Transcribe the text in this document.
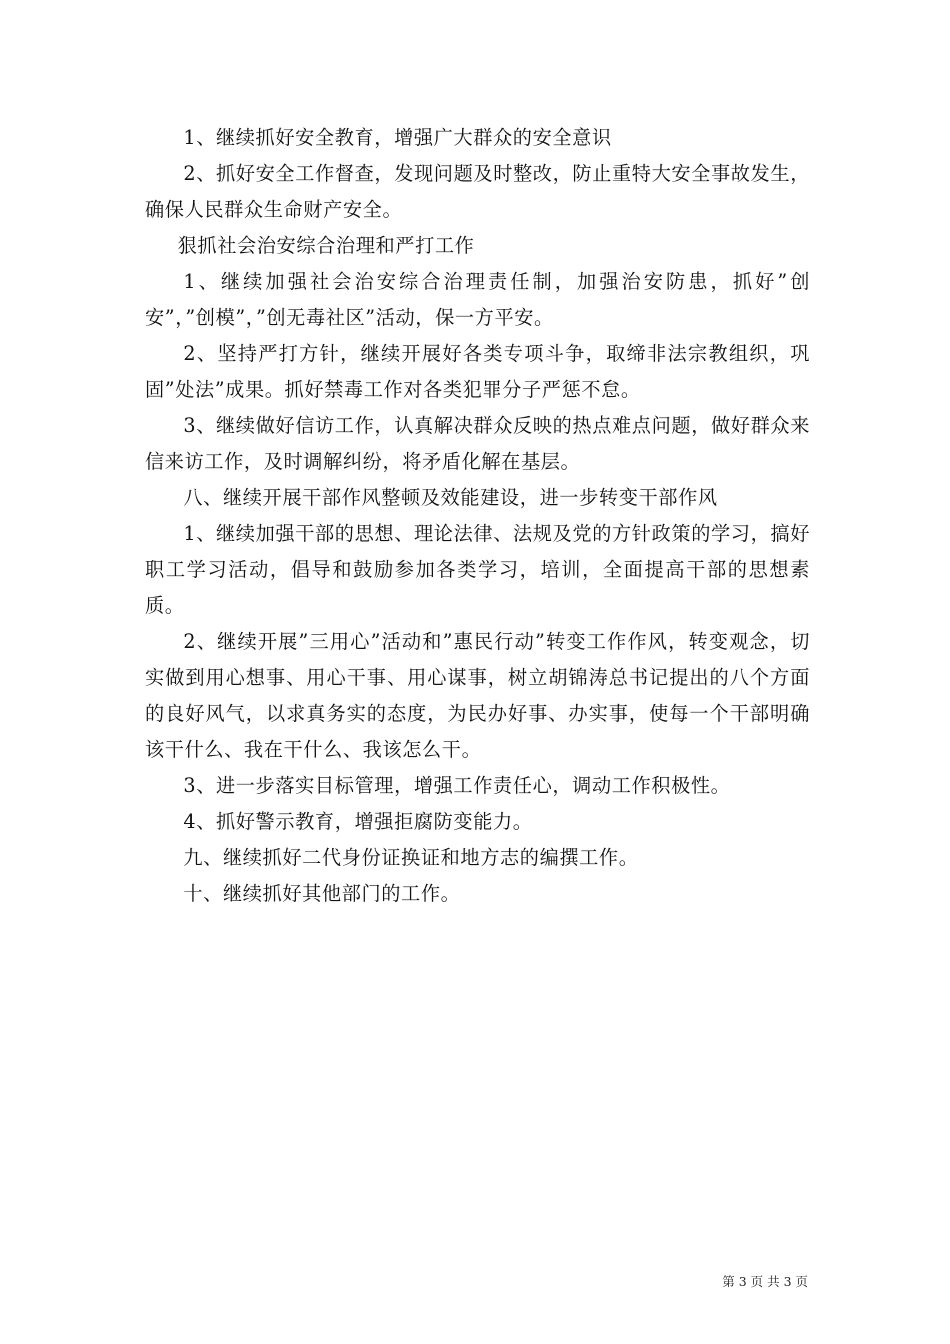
1、继续抓好安全教育，增强广大群众的安全意识

2、抓好安全工作督查，发现问题及时整改，防止重特大安全事故发生，确保人民群众生命财产安全。

狠抓社会治安综合治理和严打工作

1、继续加强社会治安综合治理责任制，加强治安防患，抓好”创安”，”创模”，”创无毒社区”活动，保一方平安。

2、坚持严打方针，继续开展好各类专项斗争，取缔非法宗教组织，巩固”处法”成果。抓好禁毒工作对各类犯罪分子严惩不怠。

3、继续做好信访工作，认真解决群众反映的热点难点问题，做好群众来信来访工作，及时调解纠纷，将矛盾化解在基层。

八、继续开展干部作风整顿及效能建设，进一步转变干部作风

1、继续加强干部的思想、理论法律、法规及党的方针政策的学习，搞好职工学习活动，倡导和鼓励参加各类学习，培训，全面提高干部的思想素质。

2、继续开展”三用心”活动和”惠民行动”转变工作作风，转变观念，切实做到用心想事、用心干事、用心谋事，树立胡锦涛总书记提出的八个方面的良好风气，以求真务实的态度，为民办好事、办实事，使每一个干部明确该干什么、我在干什么、我该怎么干。

3、进一步落实目标管理，增强工作责任心，调动工作积极性。

4、抓好警示教育，增强拒腐防变能力。

九、继续抓好二代身份证换证和地方志的编撰工作。

十、继续抓好其他部门的工作。

第 3 页 共 3 页
